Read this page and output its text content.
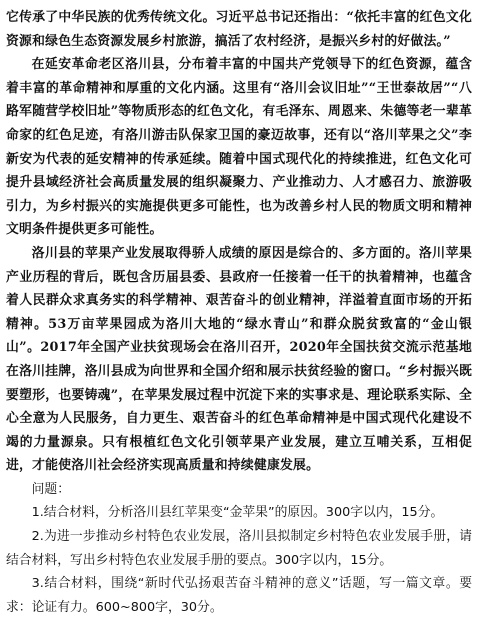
它传承了中华民族的优秀传统文化。习近平总书记还指出：“依托丰富的红色文化资源和绿色生态资源发展乡村旅游，搞活了农村经济，是振兴乡村的好做法。”

在延安革命老区洛川县，分布着丰富的中国共产党领导下的红色资源，蕴含着丰富的革命精神和厚重的文化内涵。这里有“洛川会议旧址”“王世泰故居”“八路军随营学校旧址”等物质形态的红色文化，有毛泽东、周恩来、朱德等老一辈革命家的红色足迹，有洛川游击队保家卫国的豪迈故事，还有以“洛川苹果之父”李新安为代表的延安精神的传承延续。随着中国式现代化的持续推进，红色文化可提升县域经济社会高质量发展的组织凝聚力、产业推动力、人才感召力、旅游吸引力，为乡村振兴的实施提供更多可能性，也为改善乡村人民的物质文明和精神文明条件提供更多可能性。

洛川县的苹果产业发展取得骄人成绩的原因是综合的、多方面的。洛川苹果产业历程的背后，既包含历届县委、县政府一任接着一任干的执着精神，也蕴含着人民群众求真务实的科学精神、艰苦奋斗的创业精神，洋溢着直面市场的开拓精神。53万亩苹果园成为洛川大地的“绿水青山”和群众脱贫致富的“金山银山”。2017年全国产业扶贫现场会在洛川召开，2020年全国扶贫交流示范基地在洛川挂牌，洛川县成为向世界和全国介绍和展示扶贫经验的窗口。“乡村振兴既要塑形，也要铸魂”，在苹果发展过程中沉淀下来的实事求是、理论联系实际、全心全意为人民服务，自力更生、艰苦奋斗的红色革命精神是中国式现代化建设不竭的力量源泉。只有根植红色文化引领苹果产业发展，建立互哺关系，互相促进，才能使洛川社会经济实现高质量和持续健康发展。

问题：

1.结合材料，分析洛川县红苹果变“金苹果”的原因。300字以内，15分。

2.为进一步推动乡村特色农业发展，洛川县拟制定乡村特色农业发展手册，请结合材料，写出乡村特色农业发展手册的要点。300字以内，15分。

3.结合材料，围绕“新时代弘扬艰苦奋斗精神的意义”话题，写一篇文章。要求：论证有力。600~800字，30分。
